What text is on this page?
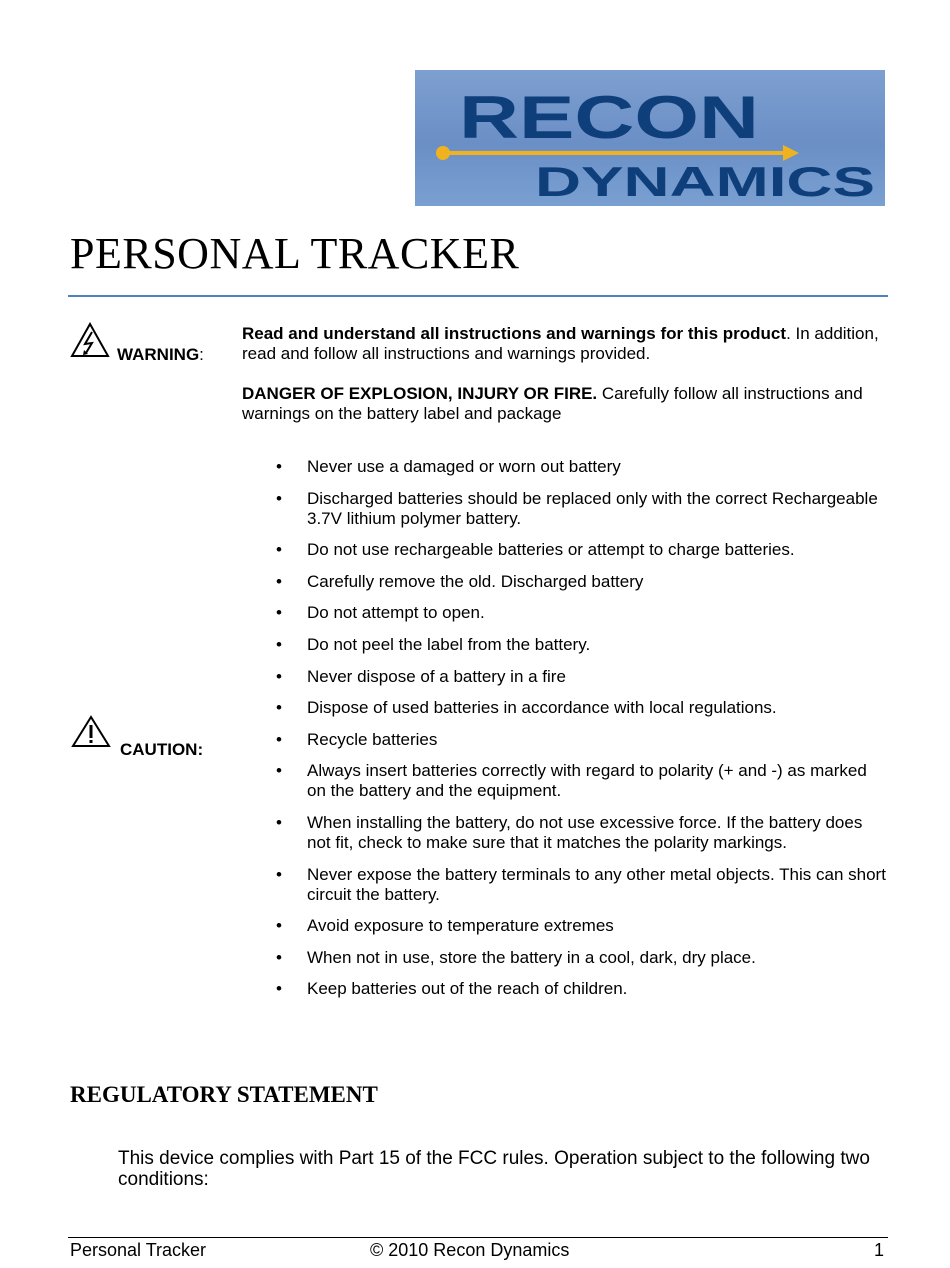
RECON
DYNAMICS
PERSONAL TRACKER
WARNING:

Read and understand all instructions and warnings for this product. In addition, read and follow all instructions and warnings provided.

DANGER OF EXPLOSION, INJURY OR FIRE. Carefully follow all instructions and warnings on the battery label and package

CAUTION:
• Never use a damaged or worn out battery
• Discharged batteries should be replaced only with the correct Rechargeable 3.7V lithium polymer battery.
• Do not use rechargeable batteries or attempt to charge batteries.
• Carefully remove the old. Discharged battery
• Do not attempt to open.
• Do not peel the label from the battery.
• Never dispose of a battery in a fire
• Dispose of used batteries in accordance with local regulations.
• Recycle batteries
• Always insert batteries correctly with regard to polarity (+ and -) as marked on the battery and the equipment.
• When installing the battery, do not use excessive force. If the battery does not fit, check to make sure that it matches the polarity markings.
• Never expose the battery terminals to any other metal objects. This can short circuit the battery.
• Avoid exposure to temperature extremes
• When not in use, store the battery in a cool, dark, dry place.
• Keep batteries out of the reach of children.
REGULATORY STATEMENT

This device complies with Part 15 of the FCC rules. Operation subject to the following two conditions:

Personal Tracker	© 2010 Recon Dynamics	1
